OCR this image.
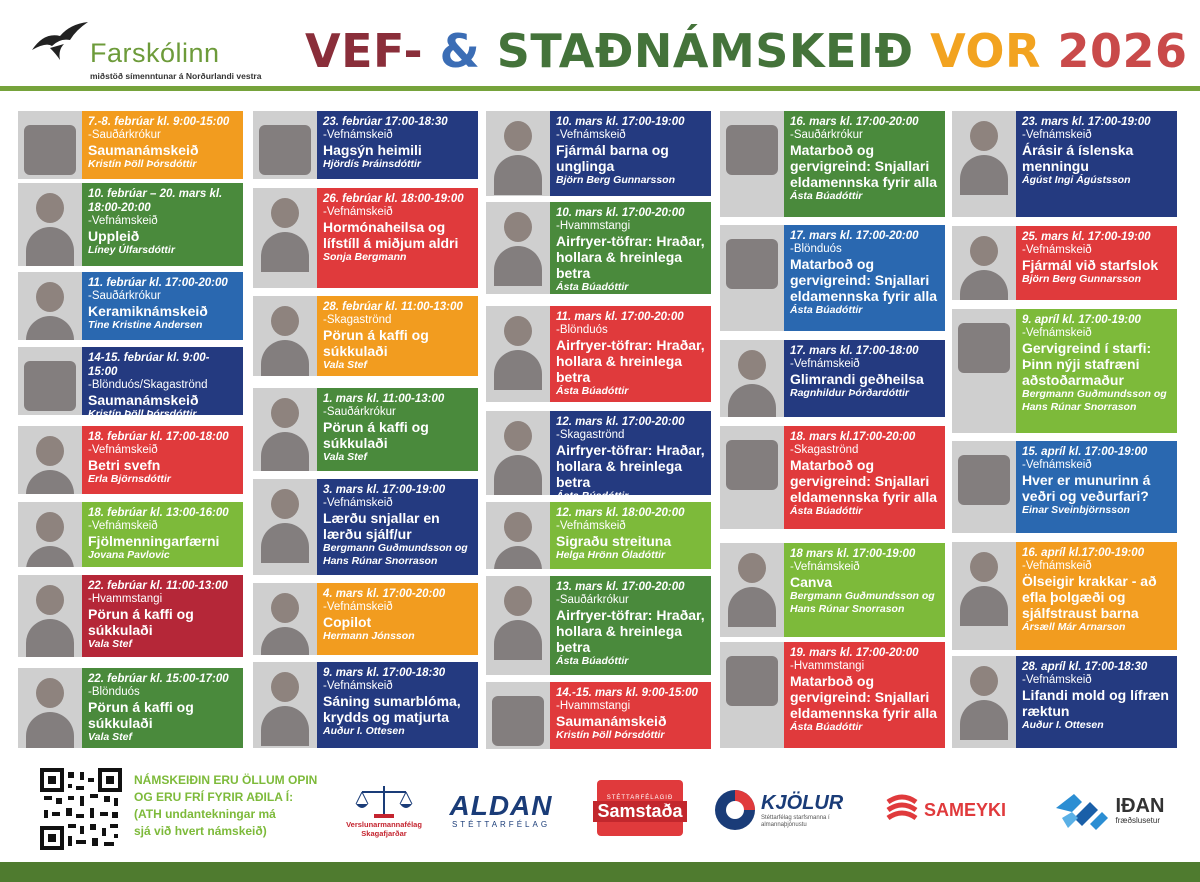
Farskólinn
miðstöð símenntunar á Norðurlandi vestra VEF- & STAÐNÁMSKEIÐ VOR 2026
7.-8. febrúar kl. 9:00-15:00
-Sauðárkrókur
Saumanámskeið
Kristín Þöll Þórsdóttir
10. febrúar – 20. mars kl. 18:00-20:00
-Vefnámskeið
Uppleið
Líney Úlfarsdóttir
11. febrúar kl. 17:00-20:00
-Sauðárkrókur
Keramiknámskeið
Tine Kristine Andersen
14-15. febrúar kl. 9:00-15:00
-Blönduós/Skagaströnd
Saumanámskeið
Kristín Þöll Þórsdóttir
18. febrúar kl. 17:00-18:00
-Vefnámskeið
Betri svefn
Erla Björnsdóttir
18. febrúar kl. 13:00-16:00
-Vefnámskeið
Fjölmenningarfærni
Jovana Pavlovic
22. febrúar kl. 11:00-13:00
-Hvammstangi
Pörun á kaffi og súkkulaði
Vala Stef
22. febrúar kl. 15:00-17:00
-Blönduós
Pörun á kaffi og súkkulaði
Vala Stef
23. febrúar 17:00-18:30
-Vefnámskeið
Hagsýn heimili
Hjördís Þráinsdóttir
26. febrúar kl. 18:00-19:00
-Vefnámskeið
Hormónaheilsa og lífstíll á miðjum aldri
Sonja Bergmann
28. febrúar kl. 11:00-13:00
-Skagaströnd
Pörun á kaffi og súkkulaði
Vala Stef
1. mars kl. 11:00-13:00
-Sauðárkrókur
Pörun á kaffi og súkkulaði
Vala Stef
3. mars kl. 17:00-19:00
-Vefnámskeið
Lærðu snjallar en lærðu sjálf/ur
Bergmann Guðmundsson og Hans Rúnar Snorrason
4. mars kl. 17:00-20:00
-Vefnámskeið
Copilot
Hermann Jónsson
9. mars kl. 17:00-18:30
-Vefnámskeið
Sáning sumarblóma, krydds og matjurta
Auður I. Ottesen
10. mars kl. 17:00-19:00
-Vefnámskeið
Fjármál barna og unglinga
Björn Berg Gunnarsson
10. mars kl. 17:00-20:00
-Hvammstangi
Airfryer-töfrar: Hraðar, hollara & hreinlega betra
Ásta Búadóttir
11. mars kl. 17:00-20:00
-Blönduós
Airfryer-töfrar: Hraðar, hollara & hreinlega betra
Ásta Búadóttir
12. mars kl. 17:00-20:00
-Skagaströnd
Airfryer-töfrar: Hraðar, hollara & hreinlega betra
Ásta Búadóttir
12. mars kl. 18:00-20:00
-Vefnámskeið
Sigraðu streituna
Helga Hrönn Óladóttir
13. mars kl. 17:00-20:00
-Sauðárkrókur
Airfryer-töfrar: Hraðar, hollara & hreinlega betra
Ásta Búadóttir
14.-15. mars kl. 9:00-15:00
-Hvammstangi
Saumanámskeið
Kristín Þöll Þórsdóttir
16. mars kl. 17:00-20:00
-Sauðárkrókur
Matarboð og gervigreind: Snjallari eldamennska fyrir alla
Ásta Búadóttir
17. mars kl. 17:00-20:00
-Blönduós
Matarboð og gervigreind: Snjallari eldamennska fyrir alla
Ásta Búadóttir
17. mars kl. 17:00-18:00
-Vefnámskeið
Glimrandi geðheilsa
Ragnhildur Þórðardóttir
18. mars kl.17:00-20:00
-Skagaströnd
Matarboð og gervigreind: Snjallari eldamennska fyrir alla
Ásta Búadóttir
18 mars kl. 17:00-19:00
-Vefnámskeið
Canva
Bergmann Guðmundsson og Hans Rúnar Snorrason
19. mars kl. 17:00-20:00
-Hvammstangi
Matarboð og gervigreind: Snjallari eldamennska fyrir alla
Ásta Búadóttir
23. mars kl. 17:00-19:00
-Vefnámskeið
Árásir á íslenska menningu
Ágúst Ingi Ágústsson
25. mars kl. 17:00-19:00
-Vefnámskeið
Fjármál við starfslok
Björn Berg Gunnarsson
9. apríl kl. 17:00-19:00
-Vefnámskeið
Gervigreind í starfi: Þinn nýji stafræni aðstoðarmaður
Bergmann Guðmundsson og Hans Rúnar Snorrason
15. apríl kl. 17:00-19:00
-Vefnámskeið
Hver er munurinn á veðri og veðurfari?
Einar Sveinbjörnsson
16. apríl kl.17:00-19:00
-Vefnámskeið
Ölseigir krakkar - að efla þolgæði og sjálfstraust barna
Ársæll Már Arnarson
28. apríl kl. 17:00-18:30
-Vefnámskeið
Lifandi mold og lífræn ræktun
Auður I. Ottesen
NÁMSKEIÐIN ERU ÖLLUM OPIN
OG ERU FRÍ FYRIR AÐILA Í:
(ATH undantekningar má
sjá við hvert námskeið)	Verslunarmannafélag Skagafjarðar
ALDAN
STÉTTARFÉLAG
STÉTTARFÉLAGIÐ
Samstaða	KJÖLUR
Stéttarfélag starfsmanna í almannaþjónustu
SAMEYKI	IÐAN
fræðslusetur
